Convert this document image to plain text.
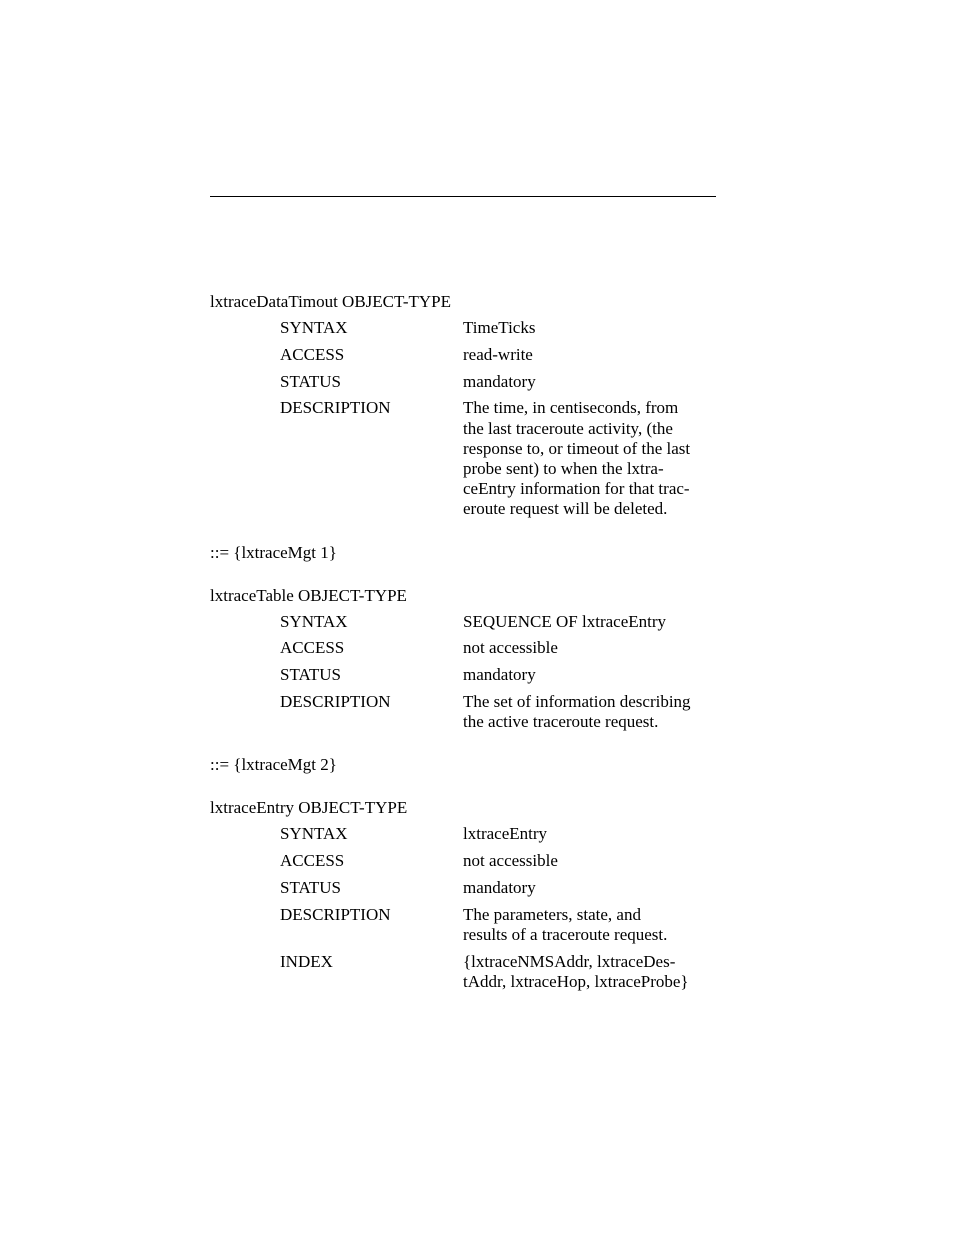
lxtraceDataTimout OBJECT-TYPE
SYNTAX	TimeTicks
ACCESS	read-write
STATUS	mandatory
DESCRIPTION	The time, in centiseconds, from
the last traceroute activity, (the
response to, or timeout of the last
probe sent) to when the lxtra-
ceEntry information for that trac-
eroute request will be deleted.
::= {lxtraceMgt 1}
lxtraceTable OBJECT-TYPE
SYNTAX	SEQUENCE OF lxtraceEntry
ACCESS	not accessible
STATUS	mandatory
DESCRIPTION	The set of information describing
the active traceroute request.
::= {lxtraceMgt 2}
lxtraceEntry OBJECT-TYPE
SYNTAX	lxtraceEntry
ACCESS	not accessible
STATUS	mandatory
DESCRIPTION	The parameters, state, and
results of a traceroute request.
INDEX	{lxtraceNMSAddr, lxtraceDes-
tAddr, lxtraceHop, lxtraceProbe}
